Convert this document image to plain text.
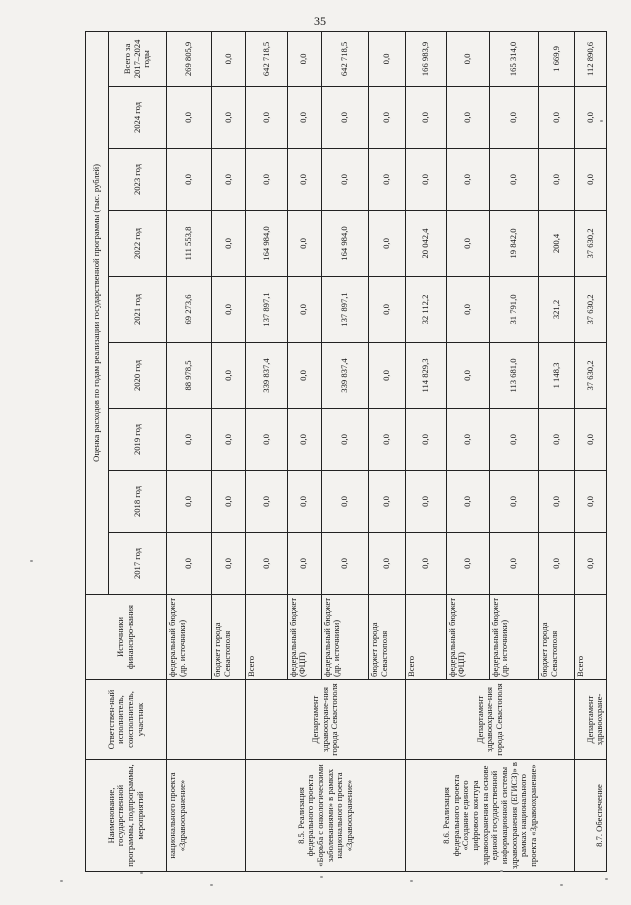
35
Наименование, государственной программы, подпрограммы, мероприятий	Ответствен-ный исполнитель, соисполнитель, участник	Источники финансиро-вания	Оценка расходов по годам реализации государственной программы (тыс. рублей)								
			2017 год	2018 год	2019 год	2020 год	2021 год	2022 год	2023 год	2024 год	Всего за 2017–2024 годы
национального проекта «Здравоохранение»		федеральный бюджет (др. источники)	0,0	0,0	0,0	88 978,5	69 273,6	111 553,8	0,0	0,0	269 805,9
		бюджет города Севастополя	0,0	0,0	0,0	0,0	0,0	0,0	0,0	0,0	0,0
8.5. Реализация федерального проекта «Борьба с онкологическими заболеваниями» в рамках национального проекта «Здравоохранение»	Департамент здравоохране-ния города Севастополя	Всего	0,0	0,0	0,0	339 837,4	137 897,1	164 984,0	0,0	0,0	642 718,5
		федеральный бюджет (ФЦП)	0,0	0,0	0,0	0,0	0,0	0,0	0,0	0,0	0,0
		федеральный бюджет (др. источники)	0,0	0,0	0,0	339 837,4	137 897,1	164 984,0	0,0	0,0	642 718,5
		бюджет города Севастополя	0,0	0,0	0,0	0,0	0,0	0,0	0,0	0,0	0,0
8.6. Реализация федерального проекта «Создание единого цифрового контура здравоохранения на основе единой государственной информационной системы здравоохранения (ЕГИСЗ)» в рамках национального проекта «Здравоохранение»	Департамент здравоохране-ния города Севастополя	Всего	0,0	0,0	0,0	114 829,3	32 112,2	20 042,4	0,0	0,0	166 983,9
		федеральный бюджет (ФЦП)	0,0	0,0	0,0	0,0	0,0	0,0	0,0	0,0	0,0
		федеральный бюджет (др. источники)	0,0	0,0	0,0	113 681,0	31 791,0	19 842,0	0,0	0,0	165 314,0
		бюджет города Севастополя	0,0	0,0	0,0	1 148,3	321,2	200,4	0,0	0,0	1 669,9
8.7. Обеспечение	Департамент здравоохране-	Всего	0,0	0,0	0,0	37 630,2	37 630,2	37 630,2	0,0	0,0	112 890,6
